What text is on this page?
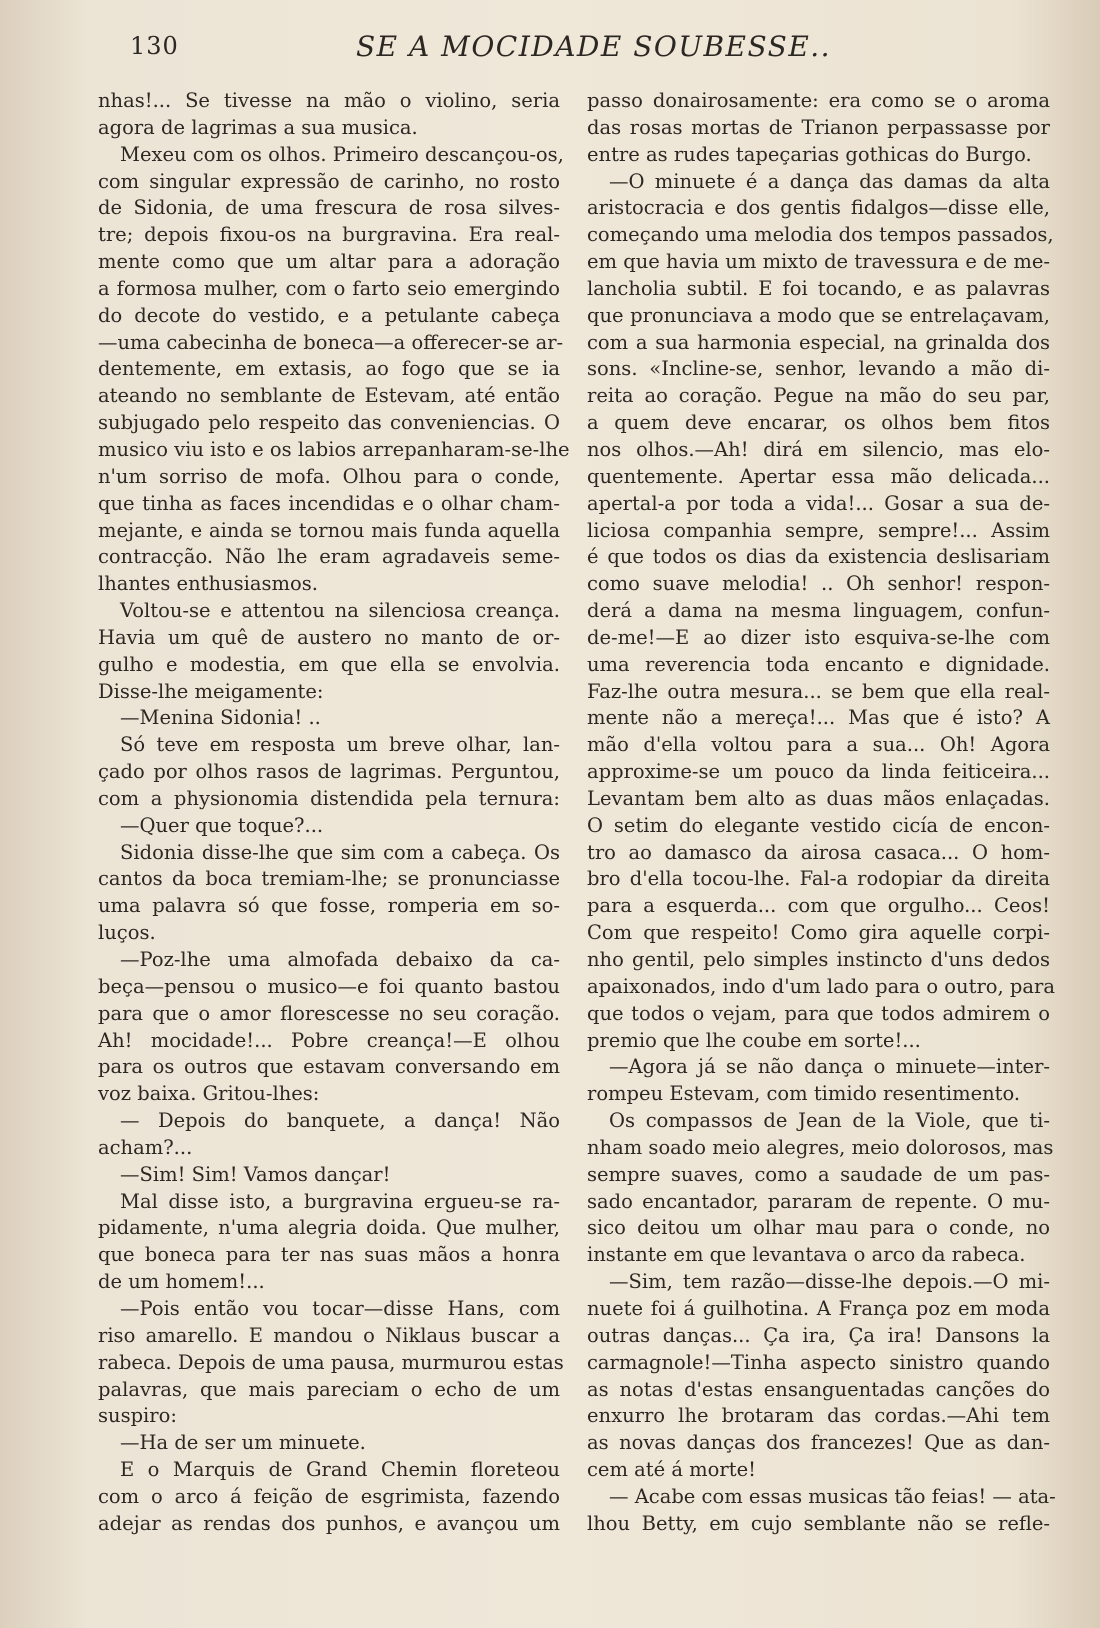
130	SE A MOCIDADE SOUBESSE..
nhas!... Se tivesse na mão o violino, seria
agora de lagrimas a sua musica.
Mexeu com os olhos. Primeiro descançou-os,
com singular expressão de carinho, no rosto
de Sidonia, de uma frescura de rosa silves-
tre; depois fixou-os na burgravina. Era real-
mente como que um altar para a adoração
a formosa mulher, com o farto seio emergindo
do decote do vestido, e a petulante cabeça
—uma cabecinha de boneca—a offerecer-se ar-
dentemente, em extasis, ao fogo que se ia
ateando no semblante de Estevam, até então
subjugado pelo respeito das conveniencias. O
musico viu isto e os labios arrepanharam-se-lhe
n'um sorriso de mofa. Olhou para o conde,
que tinha as faces incendidas e o olhar cham-
mejante, e ainda se tornou mais funda aquella
contracção. Não lhe eram agradaveis seme-
lhantes enthusiasmos.
Voltou-se e attentou na silenciosa creança.
Havia um quê de austero no manto de or-
gulho e modestia, em que ella se envolvia.
Disse-lhe meigamente:
—Menina Sidonia! ..
Só teve em resposta um breve olhar, lan-
çado por olhos rasos de lagrimas. Perguntou,
com a physionomia distendida pela ternura:
—Quer que toque?...
Sidonia disse-lhe que sim com a cabeça. Os
cantos da boca tremiam-lhe; se pronunciasse
uma palavra só que fosse, romperia em so-
luços.
—Poz-lhe uma almofada debaixo da ca-
beça—pensou o musico—e foi quanto bastou
para que o amor florescesse no seu coração.
Ah! mocidade!... Pobre creança!—E olhou
para os outros que estavam conversando em
voz baixa. Gritou-lhes:
— Depois do banquete, a dança! Não
acham?...
—Sim! Sim! Vamos dançar!
Mal disse isto, a burgravina ergueu-se ra-
pidamente, n'uma alegria doida. Que mulher,
que boneca para ter nas suas mãos a honra
de um homem!...
—Pois então vou tocar—disse Hans, com
riso amarello. E mandou o Niklaus buscar a
rabeca. Depois de uma pausa, murmurou estas
palavras, que mais pareciam o echo de um
suspiro:
—Ha de ser um minuete.
E o Marquis de Grand Chemin floreteou
com o arco á feição de esgrimista, fazendo
adejar as rendas dos punhos, e avançou um
passo donairosamente: era como se o aroma
das rosas mortas de Trianon perpassasse por
entre as rudes tapeçarias gothicas do Burgo.
—O minuete é a dança das damas da alta
aristocracia e dos gentis fidalgos—disse elle,
começando uma melodia dos tempos passados,
em que havia um mixto de travessura e de me-
lancholia subtil. E foi tocando, e as palavras
que pronunciava a modo que se entrelaçavam,
com a sua harmonia especial, na grinalda dos
sons. «Incline-se, senhor, levando a mão di-
reita ao coração. Pegue na mão do seu par,
a quem deve encarar, os olhos bem fitos
nos olhos.—Ah! dirá em silencio, mas elo-
quentemente. Apertar essa mão delicada...
apertal-a por toda a vida!... Gosar a sua de-
liciosa companhia sempre, sempre!... Assim
é que todos os dias da existencia deslisariam
como suave melodia! .. Oh senhor! respon-
derá a dama na mesma linguagem, confun-
de-me!—E ao dizer isto esquiva-se-lhe com
uma reverencia toda encanto e dignidade.
Faz-lhe outra mesura... se bem que ella real-
mente não a mereça!... Mas que é isto? A
mão d'ella voltou para a sua... Oh! Agora
approxime-se um pouco da linda feiticeira...
Levantam bem alto as duas mãos enlaçadas.
O setim do elegante vestido cicía de encon-
tro ao damasco da airosa casaca... O hom-
bro d'ella tocou-lhe. Fal-a rodopiar da direita
para a esquerda... com que orgulho... Ceos!
Com que respeito! Como gira aquelle corpi-
nho gentil, pelo simples instincto d'uns dedos
apaixonados, indo d'um lado para o outro, para
que todos o vejam, para que todos admirem o
premio que lhe coube em sorte!...
—Agora já se não dança o minuete—inter-
rompeu Estevam, com timido resentimento.
Os compassos de Jean de la Viole, que ti-
nham soado meio alegres, meio dolorosos, mas
sempre suaves, como a saudade de um pas-
sado encantador, pararam de repente. O mu-
sico deitou um olhar mau para o conde, no
instante em que levantava o arco da rabeca.
—Sim, tem razão—disse-lhe depois.—O mi-
nuete foi á guilhotina. A França poz em moda
outras danças... Ça ira, Ça ira! Dansons la
carmagnole!—Tinha aspecto sinistro quando
as notas d'estas ensanguentadas canções do
enxurro lhe brotaram das cordas.—Ahi tem
as novas danças dos francezes! Que as dan-
cem até á morte!
— Acabe com essas musicas tão feias! — ata-
lhou Betty, em cujo semblante não se refle-
